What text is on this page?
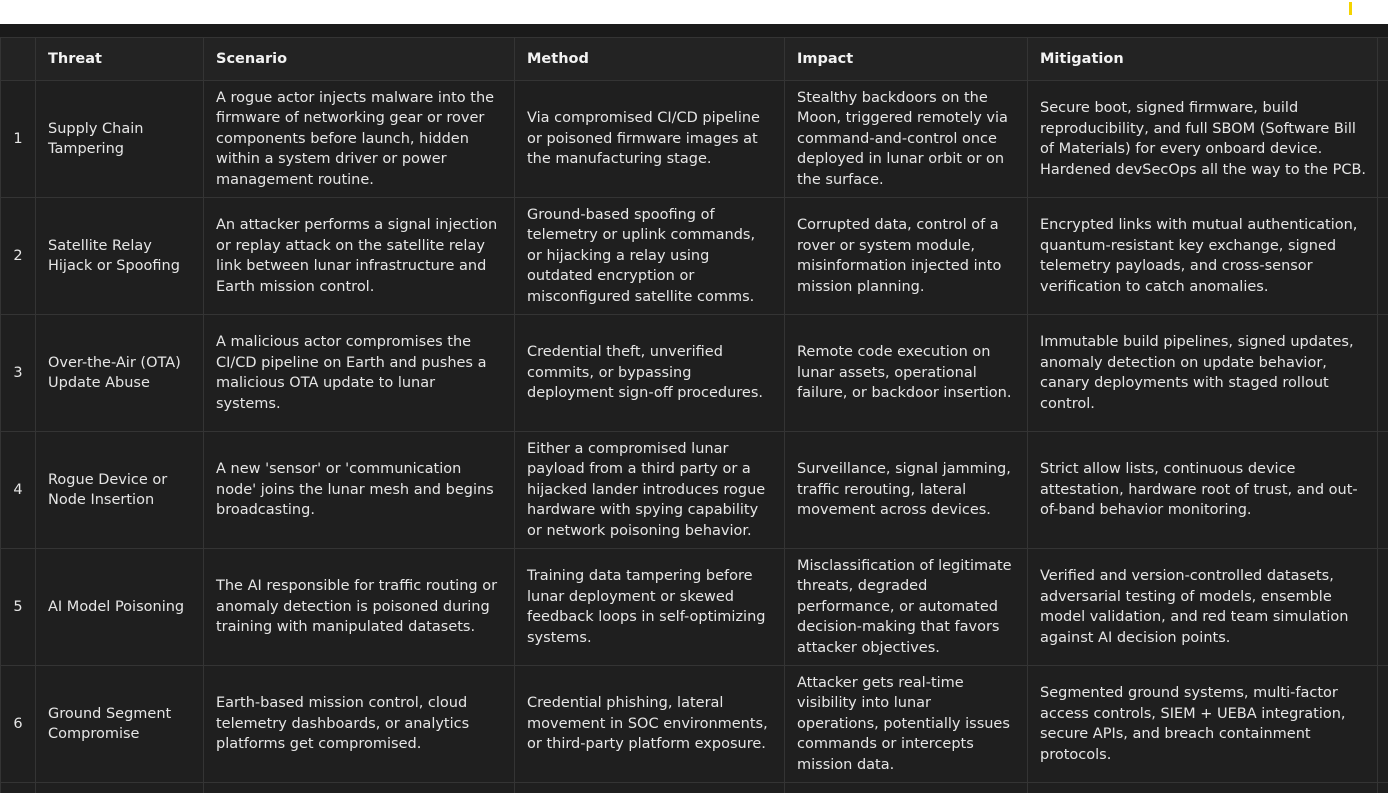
	Threat	Scenario	Method	Impact	Mitigation	
1	Supply Chain Tampering	A rogue actor injects malware into the firmware of networking gear or rover components before launch, hidden within a system driver or power management routine.	Via compromised CI/CD pipeline or poisoned firmware images at the manufacturing stage.	Stealthy backdoors on the Moon, triggered remotely via command-and-control once deployed in lunar orbit or on the surface.	Secure boot, signed firmware, build reproducibility, and full SBOM (Software Bill of Materials) for every onboard device. Hardened devSecOps all the way to the PCB.	
2	Satellite Relay Hijack or Spoofing	An attacker performs a signal injection or replay attack on the satellite relay link between lunar infrastructure and Earth mission control.	Ground-based spoofing of telemetry or uplink commands, or hijacking a relay using outdated encryption or misconfigured satellite comms.	Corrupted data, control of a rover or system module, misinformation injected into mission planning.	Encrypted links with mutual authentication, quantum-resistant key exchange, signed telemetry payloads, and cross-sensor verification to catch anomalies.	
3	Over-the-Air (OTA) Update Abuse	A malicious actor compromises the CI/CD pipeline on Earth and pushes a malicious OTA update to lunar systems.	Credential theft, unverified commits, or bypassing deployment sign-off procedures.	Remote code execution on lunar assets, operational failure, or backdoor insertion.	Immutable build pipelines, signed updates, anomaly detection on update behavior, canary deployments with staged rollout control.	
4	Rogue Device or Node Insertion	A new 'sensor' or 'communication node' joins the lunar mesh and begins broadcasting.	Either a compromised lunar payload from a third party or a hijacked lander introduces rogue hardware with spying capability or network poisoning behavior.	Surveillance, signal jamming, traffic rerouting, lateral movement across devices.	Strict allow lists, continuous device attestation, hardware root of trust, and out-of-band behavior monitoring.	
5	AI Model Poisoning	The AI responsible for traffic routing or anomaly detection is poisoned during training with manipulated datasets.	Training data tampering before lunar deployment or skewed feedback loops in self-optimizing systems.	Misclassification of legitimate threats, degraded performance, or automated decision-making that favors attacker objectives.	Verified and version-controlled datasets, adversarial testing of models, ensemble model validation, and red team simulation against AI decision points.	
6	Ground Segment Compromise	Earth-based mission control, cloud telemetry dashboards, or analytics platforms get compromised.	Credential phishing, lateral movement in SOC environments, or third-party platform exposure.	Attacker gets real-time visibility into lunar operations, potentially issues commands or intercepts mission data.	Segmented ground systems, multi-factor access controls, SIEM + UEBA integration, secure APIs, and breach containment protocols.	
